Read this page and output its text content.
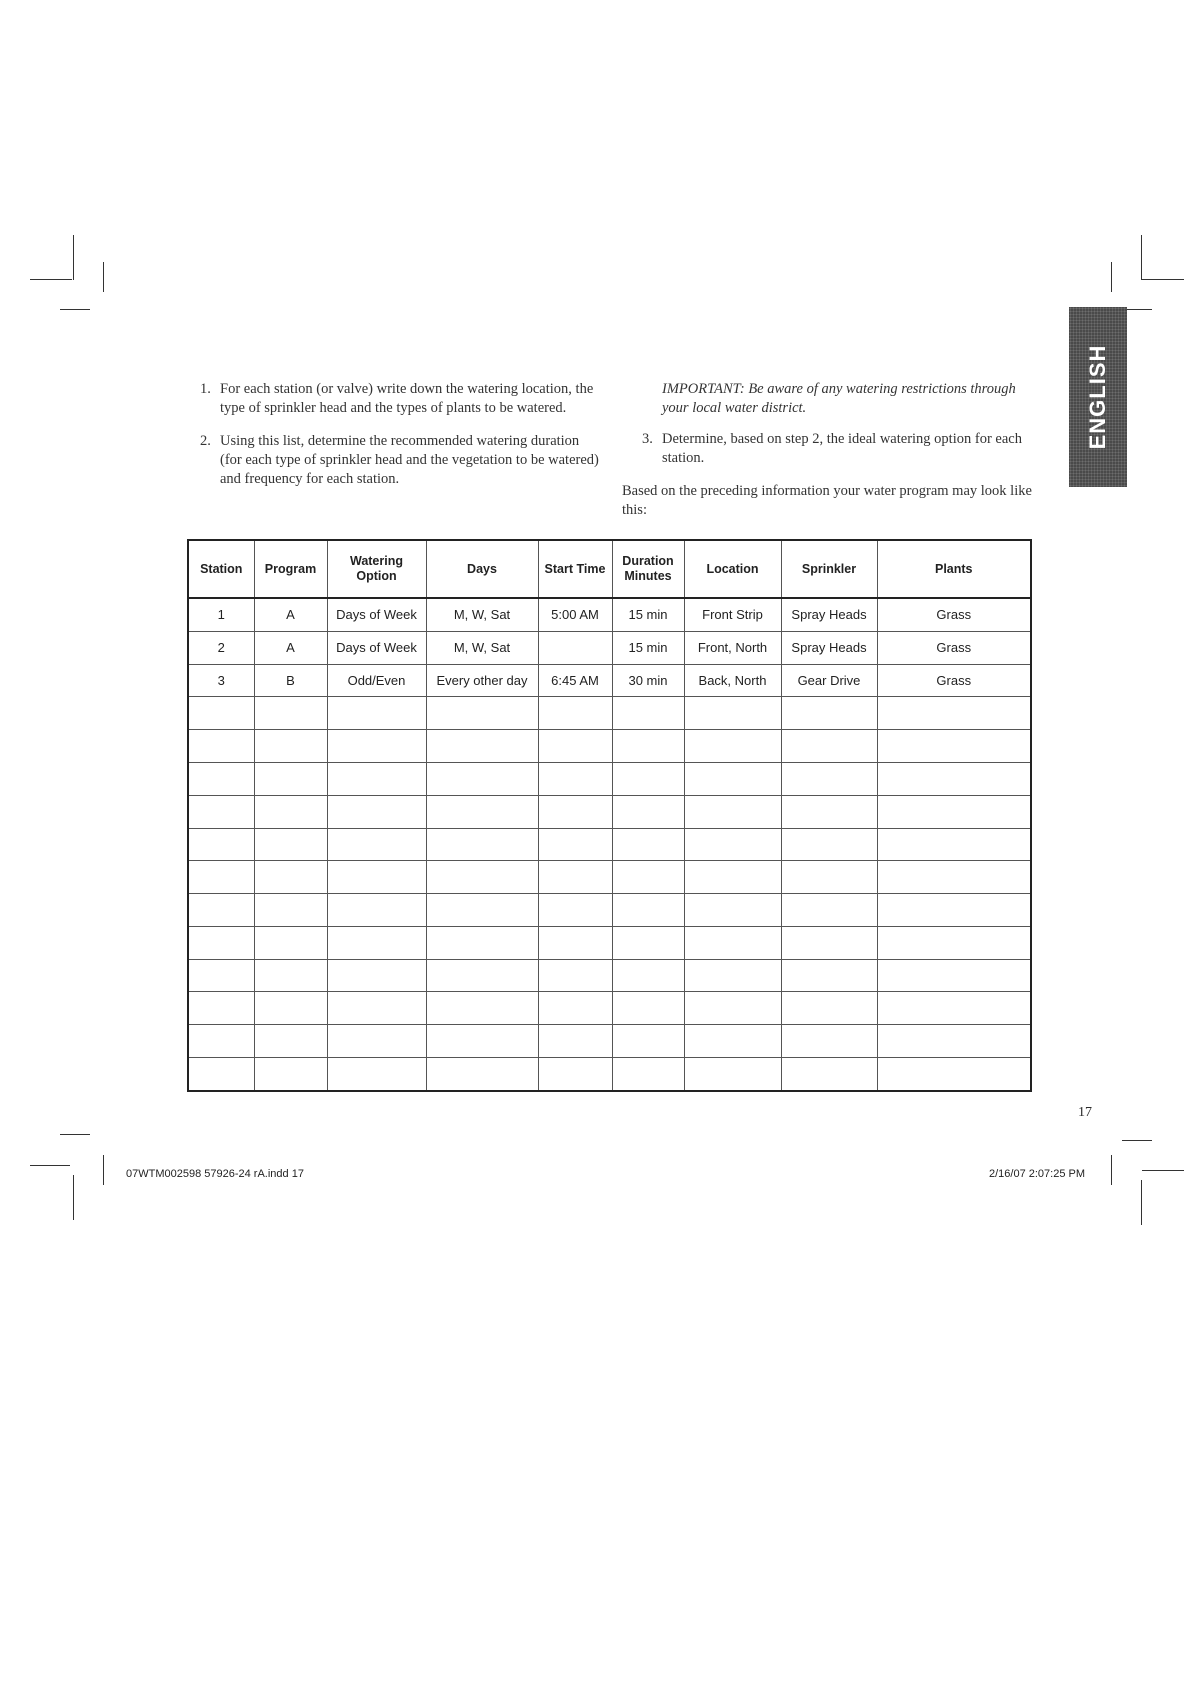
ENGLISH
1. For each station (or valve) write down the watering location, the type of sprinkler head and the types of plants to be watered.
2. Using this list, determine the recommended watering duration (for each type of sprinkler head and the vegetation to be watered) and frequency for each station.
IMPORTANT: Be aware of any watering restrictions through your local water district.
3. Determine, based on step 2, the ideal watering option for each station.
Based on the preceding information your water program may look like this:
Station	Program	Watering Option	Days	Start Time	Duration Minutes	Location	Sprinkler	Plants
1	A	Days of Week	M, W, Sat	5:00 AM	15 min	Front Strip	Spray Heads	Grass
2	A	Days of Week	M, W, Sat		15 min	Front, North	Spray Heads	Grass
3	B	Odd/Even	Every other day	6:45 AM	30 min	Back, North	Gear Drive	Grass

17
07WTM002598 57926-24 rA.indd 17	2/16/07 2:07:25 PM
